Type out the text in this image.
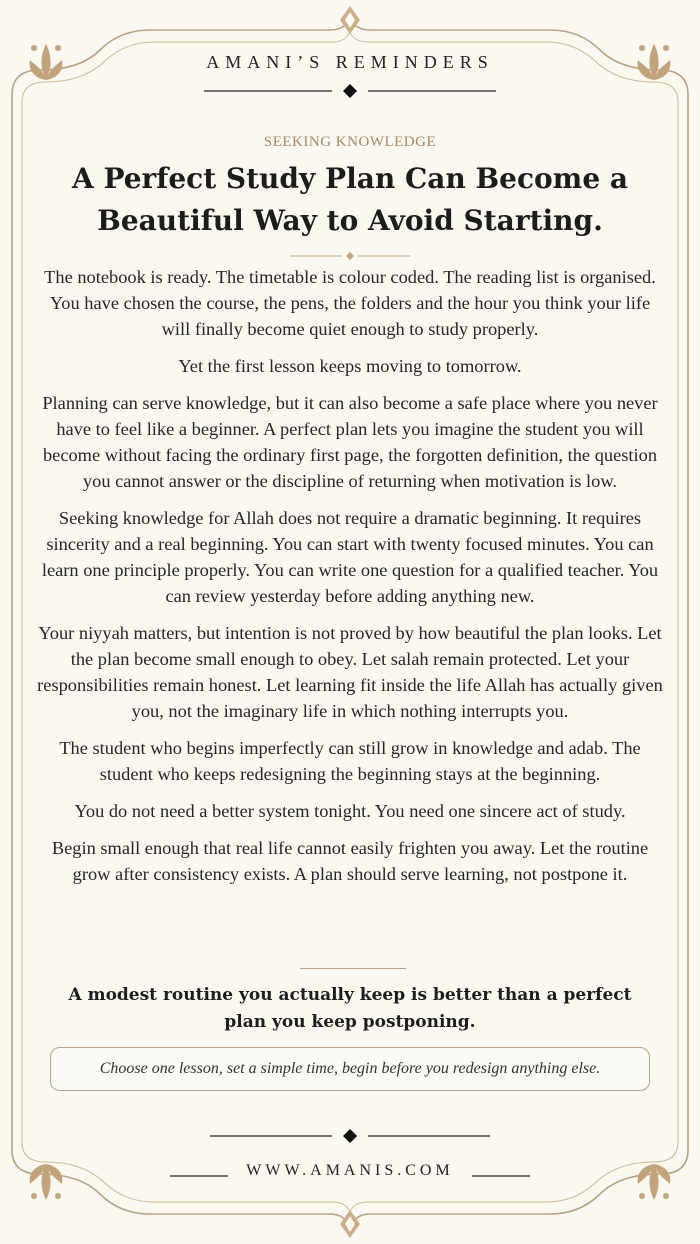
AMANI’S REMINDERS
SEEKING KNOWLEDGE
A Perfect Study Plan Can Become a Beautiful Way to Avoid Starting.

The notebook is ready. The timetable is colour coded. The reading list is organised. You have chosen the course, the pens, the folders and the hour you think your life will finally become quiet enough to study properly.

Yet the first lesson keeps moving to tomorrow.

Planning can serve knowledge, but it can also become a safe place where you never have to feel like a beginner. A perfect plan lets you imagine the student you will become without facing the ordinary first page, the forgotten definition, the question you cannot answer or the discipline of returning when motivation is low.

Seeking knowledge for Allah does not require a dramatic beginning. It requires sincerity and a real beginning. You can start with twenty focused minutes. You can learn one principle properly. You can write one question for a qualified teacher. You can review yesterday before adding anything new.

Your niyyah matters, but intention is not proved by how beautiful the plan looks. Let the plan become small enough to obey. Let salah remain protected. Let your responsibilities remain honest. Let learning fit inside the life Allah has actually given you, not the imaginary life in which nothing interrupts you.

The student who begins imperfectly can still grow in knowledge and adab. The student who keeps redesigning the beginning stays at the beginning.

You do not need a better system tonight. You need one sincere act of study.

Begin small enough that real life cannot easily frighten you away. Let the routine grow after consistency exists. A plan should serve learning, not postpone it.

A modest routine you actually keep is better than a perfect plan you keep postponing.
Choose one lesson, set a simple time, begin before you redesign anything else.
WWW.AMANIS.COM
